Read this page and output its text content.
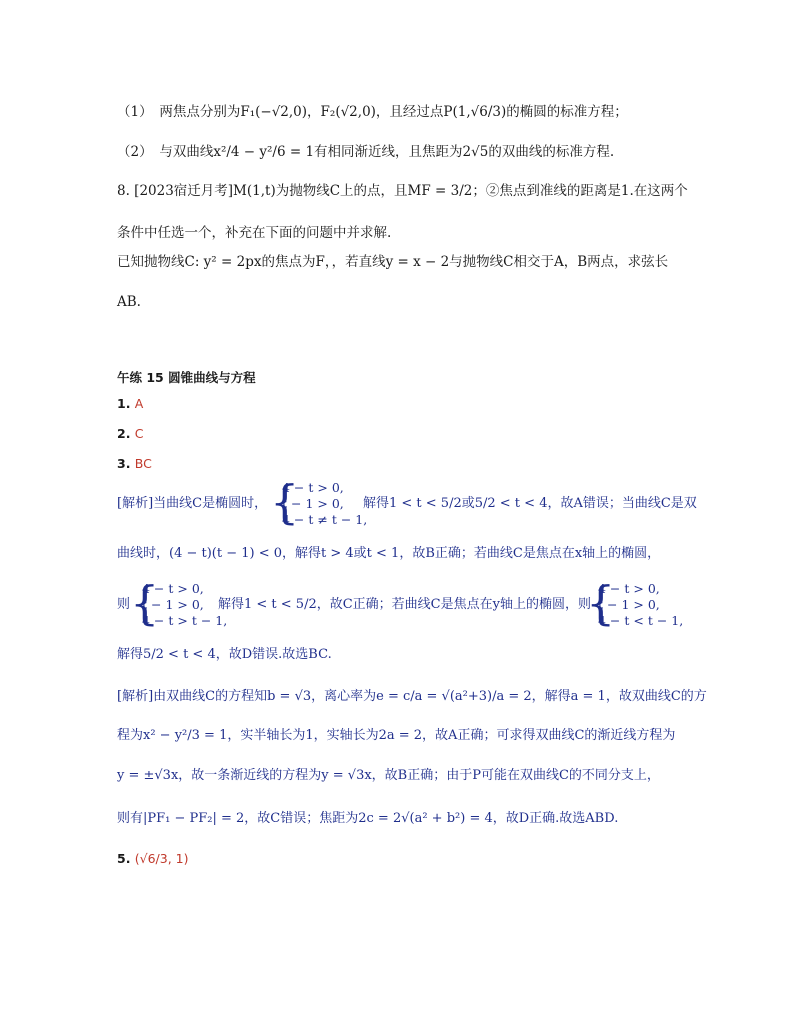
（1）　两焦点分别为F₁(−√2,0)，F₂(√2,0)，且经过点P(1,√6/3)的椭圆的标准方程；
（2）　与双曲线x²/4 − y²/6 = 1有相同渐近线，且焦距为2√5的双曲线的标准方程.
8. [2023宿迁月考]M(1,t)为抛物线C上的点，且MF = 3/2；②焦点到准线的距离是1.在这两个
条件中任选一个，补充在下面的问题中并求解.
已知抛物线C: y² = 2px的焦点为F，，若直线y = x − 2与抛物线C相交于A，B两点，求弦长
AB.
午练 15 圆锥曲线与方程
1. A
2. C
3. BC
[解析]当曲线C是椭圆时， {
4 − t > 0,
t − 1 > 0,
4 − t ≠ t − 1,
解得1 < t < 5/2或5/2 < t < 4，故A错误；当曲线C是双
曲线时，(4 − t)(t − 1) < 0，解得t > 4或t < 1，故B正确；若曲线C是焦点在x轴上的椭圆，
则 {
4 − t > 0,
t − 1 > 0,
4 − t > t − 1,
解得1 < t < 5/2，故C正确；若曲线C是焦点在y轴上的椭圆，则
{
4 − t > 0,
t − 1 > 0,
4 − t < t − 1,
解得5/2 < t < 4，故D错误.故选BC.
[解析]由双曲线C的方程知b = √3，离心率为e = c/a = √(a²+3)/a = 2，解得a = 1，故双曲线C的方
程为x² − y²/3 = 1，实半轴长为1，实轴长为2a = 2，故A正确；可求得双曲线C的渐近线方程为
y = ±√3x，故一条渐近线的方程为y = √3x，故B正确；由于P可能在双曲线C的不同分支上，
则有|PF₁ − PF₂| = 2，故C错误；焦距为2c = 2√(a² + b²) = 4，故D正确.故选ABD.
5. (√6/3, 1)
